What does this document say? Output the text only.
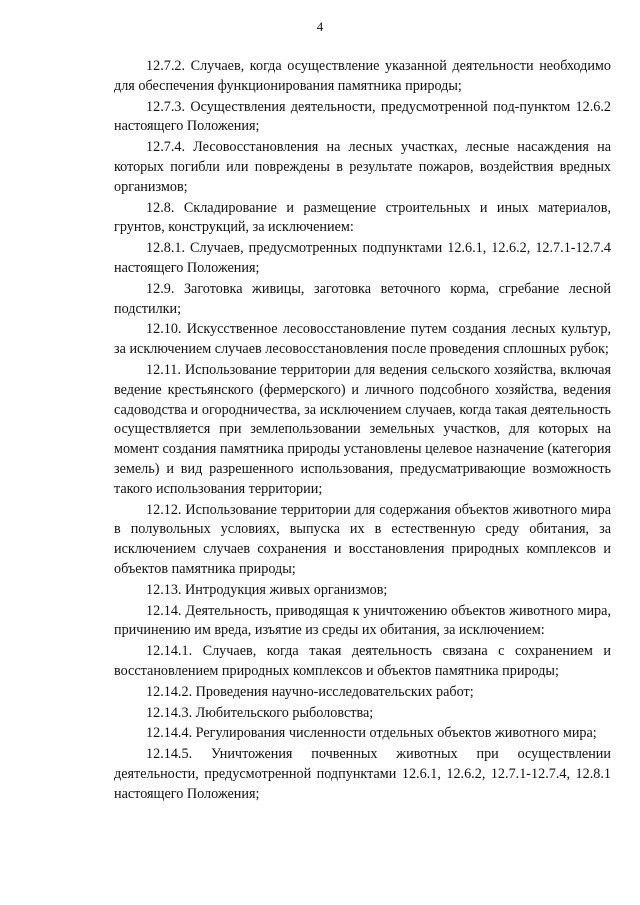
4

12.7.2. Случаев, когда осуществление указанной деятельности необходимо для обеспечения функционирования памятника природы;

12.7.3. Осуществления деятельности, предусмотренной под-пунктом 12.6.2 настоящего Положения;

12.7.4. Лесовосстановления на лесных участках, лесные насаждения на которых погибли или повреждены в результате пожаров, воздействия вредных организмов;

12.8. Складирование и размещение строительных и иных материалов, грунтов, конструкций, за исключением:

12.8.1. Случаев, предусмотренных подпунктами 12.6.1, 12.6.2, 12.7.1-12.7.4 настоящего Положения;

12.9. Заготовка живицы, заготовка веточного корма, сгребание лесной подстилки;

12.10. Искусственное лесовосстановление путем создания лесных культур, за исключением случаев лесовосстановления после проведения сплошных рубок;

12.11. Использование территории для ведения сельского хозяйства, включая ведение крестьянского (фермерского) и личного подсобного хозяйства, ведения садоводства и огородничества, за исключением случаев, когда такая деятельность осуществляется при землепользовании земельных участков, для которых на момент создания памятника природы установлены целевое назначение (категория земель) и вид разрешенного использования, предусматривающие возможность такого использования территории;

12.12. Использование территории для содержания объектов животного мира в полувольных условиях, выпуска их в естественную среду обитания, за исключением случаев сохранения и восстановления природных комплексов и объектов памятника природы;

12.13. Интродукция живых организмов;

12.14. Деятельность, приводящая к уничтожению объектов животного мира, причинению им вреда, изъятие из среды их обитания, за исключением:

12.14.1. Случаев, когда такая деятельность связана с сохранением и восстановлением природных комплексов и объектов памятника природы;

12.14.2. Проведения научно-исследовательских работ;

12.14.3. Любительского рыболовства;

12.14.4. Регулирования численности отдельных объектов животного мира;

12.14.5. Уничтожения почвенных животных при осуществлении деятельности, предусмотренной подпунктами 12.6.1, 12.6.2, 12.7.1-12.7.4, 12.8.1 настоящего Положения;
